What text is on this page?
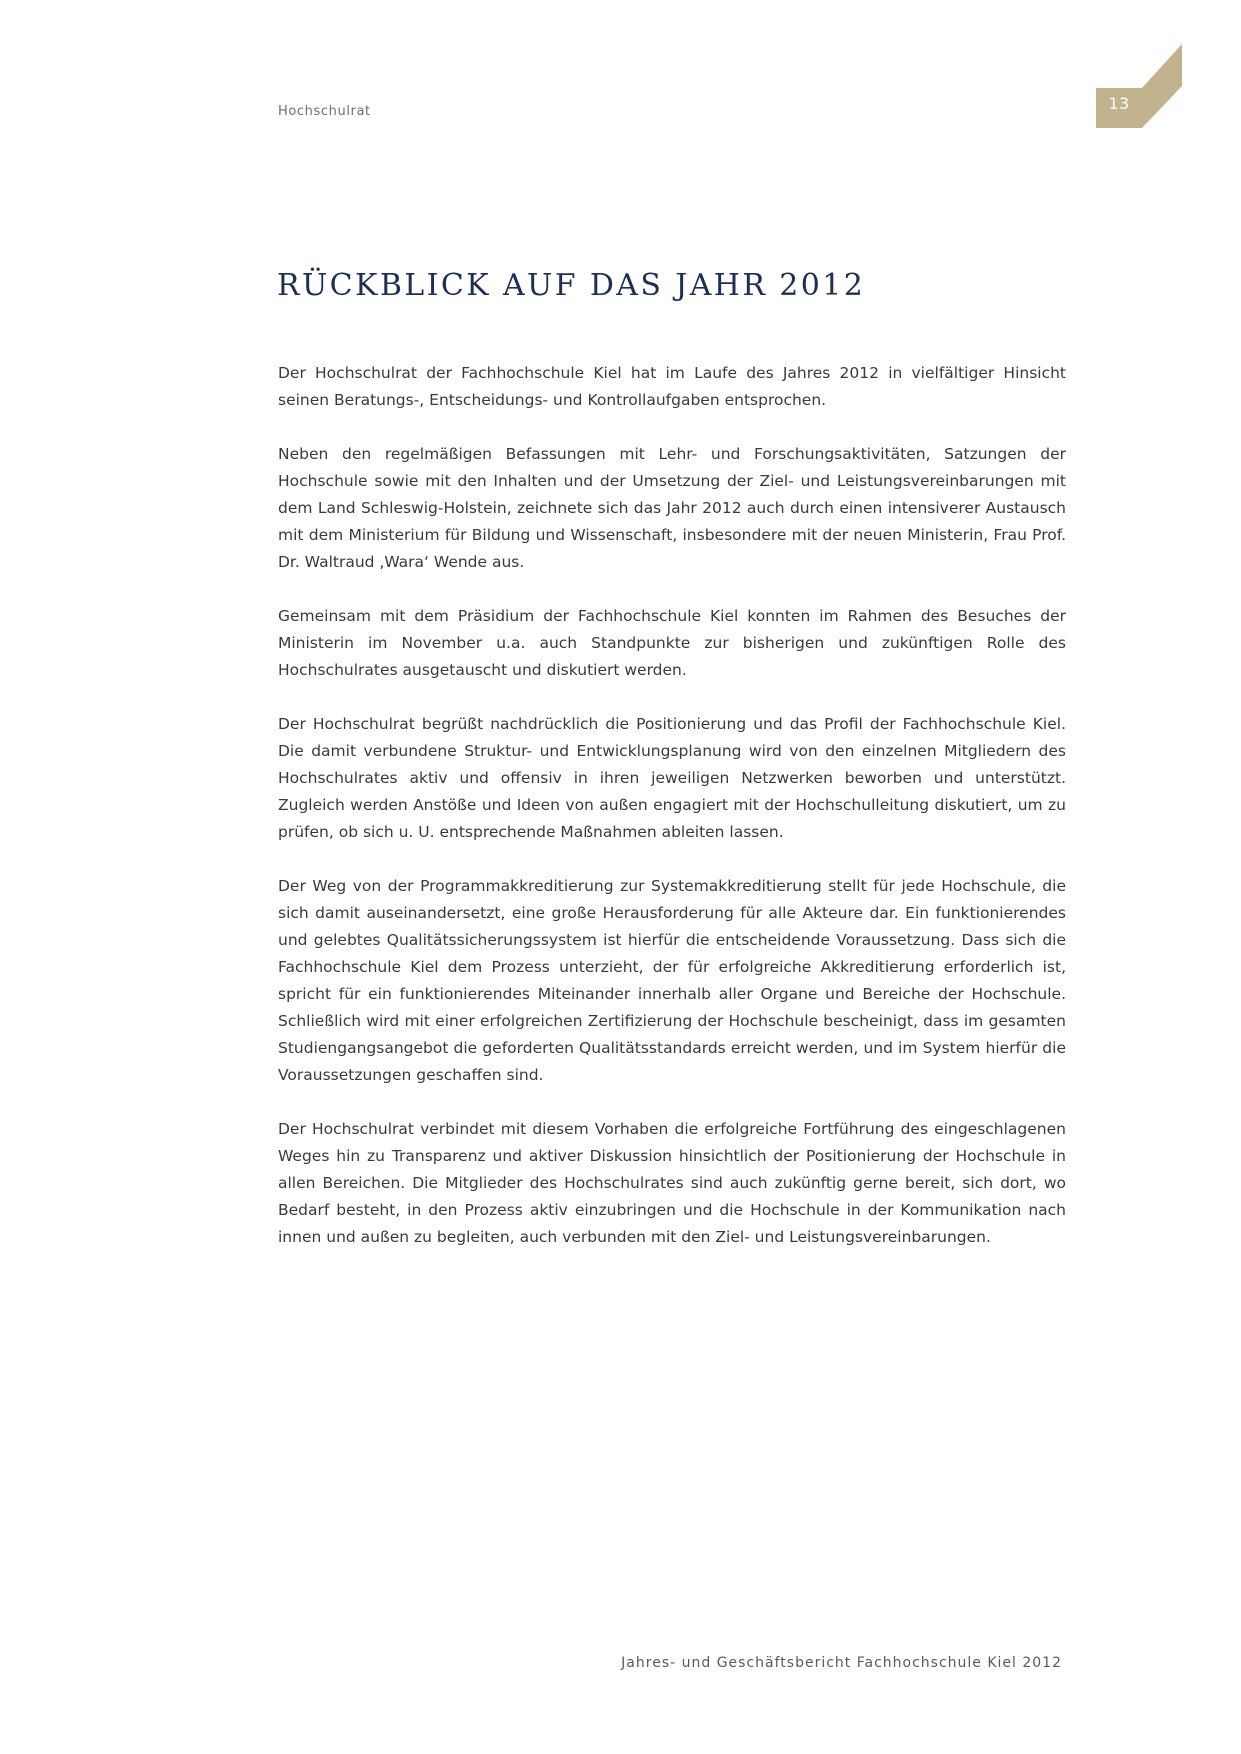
Hochschulrat	13
RÜCKBLICK AUF DAS JAHR 2012

Der Hochschulrat der Fachhochschule Kiel hat im Laufe des Jahres 2012 in vielfältiger Hinsicht seinen Beratungs-, Entscheidungs- und Kontrollaufgaben entsprochen.

Neben den regelmäßigen Befassungen mit Lehr- und Forschungsaktivitäten, Satzungen der Hochschule sowie mit den Inhalten und der Umsetzung der Ziel- und Leistungsvereinbarungen mit dem Land Schleswig-Holstein, zeichnete sich das Jahr 2012 auch durch einen intensiverer Austausch mit dem Ministerium für Bildung und Wissenschaft, insbesondere mit der neuen Ministerin, Frau Prof. Dr. Waltraud ‚Wara‘ Wende aus.

Gemeinsam mit dem Präsidium der Fachhochschule Kiel konnten im Rahmen des Besuches der Ministerin im November u.a. auch Standpunkte zur bisherigen und zukünftigen Rolle des Hochschulrates ausgetauscht und diskutiert werden.

Der Hochschulrat begrüßt nachdrücklich die Positionierung und das Profil der Fachhochschule Kiel. Die damit verbundene Struktur- und Entwicklungsplanung wird von den einzelnen Mitgliedern des Hochschulrates aktiv und offensiv in ihren jeweiligen Netzwerken beworben und unterstützt. Zugleich werden Anstöße und Ideen von außen engagiert mit der Hochschulleitung diskutiert, um zu prüfen, ob sich u. U. entsprechende Maßnahmen ableiten lassen.

Der Weg von der Programmakkreditierung zur Systemakkreditierung stellt für jede Hochschule, die sich damit auseinandersetzt, eine große Herausforderung für alle Akteure dar. Ein funktionierendes und gelebtes Qualitätssicherungssystem ist hierfür die entscheidende Voraussetzung. Dass sich die Fachhochschule Kiel dem Prozess unterzieht, der für erfolgreiche Akkreditierung erforderlich ist, spricht für ein funktionierendes Miteinander innerhalb aller Organe und Bereiche der Hochschule. Schließlich wird mit einer erfolgreichen Zertifizierung der Hochschule bescheinigt, dass im gesamten Studiengangsangebot die geforderten Qualitätsstandards erreicht werden, und im System hierfür die Voraussetzungen geschaffen sind.

Der Hochschulrat verbindet mit diesem Vorhaben die erfolgreiche Fortführung des eingeschlagenen Weges hin zu Transparenz und aktiver Diskussion hinsichtlich der Positionierung der Hochschule in allen Bereichen. Die Mitglieder des Hochschulrates sind auch zukünftig gerne bereit, sich dort, wo Bedarf besteht, in den Prozess aktiv einzubringen und die Hochschule in der Kommunikation nach innen und außen zu begleiten, auch verbunden mit den Ziel- und Leistungsvereinbarungen.

Jahres- und Geschäftsbericht Fachhochschule Kiel 2012
